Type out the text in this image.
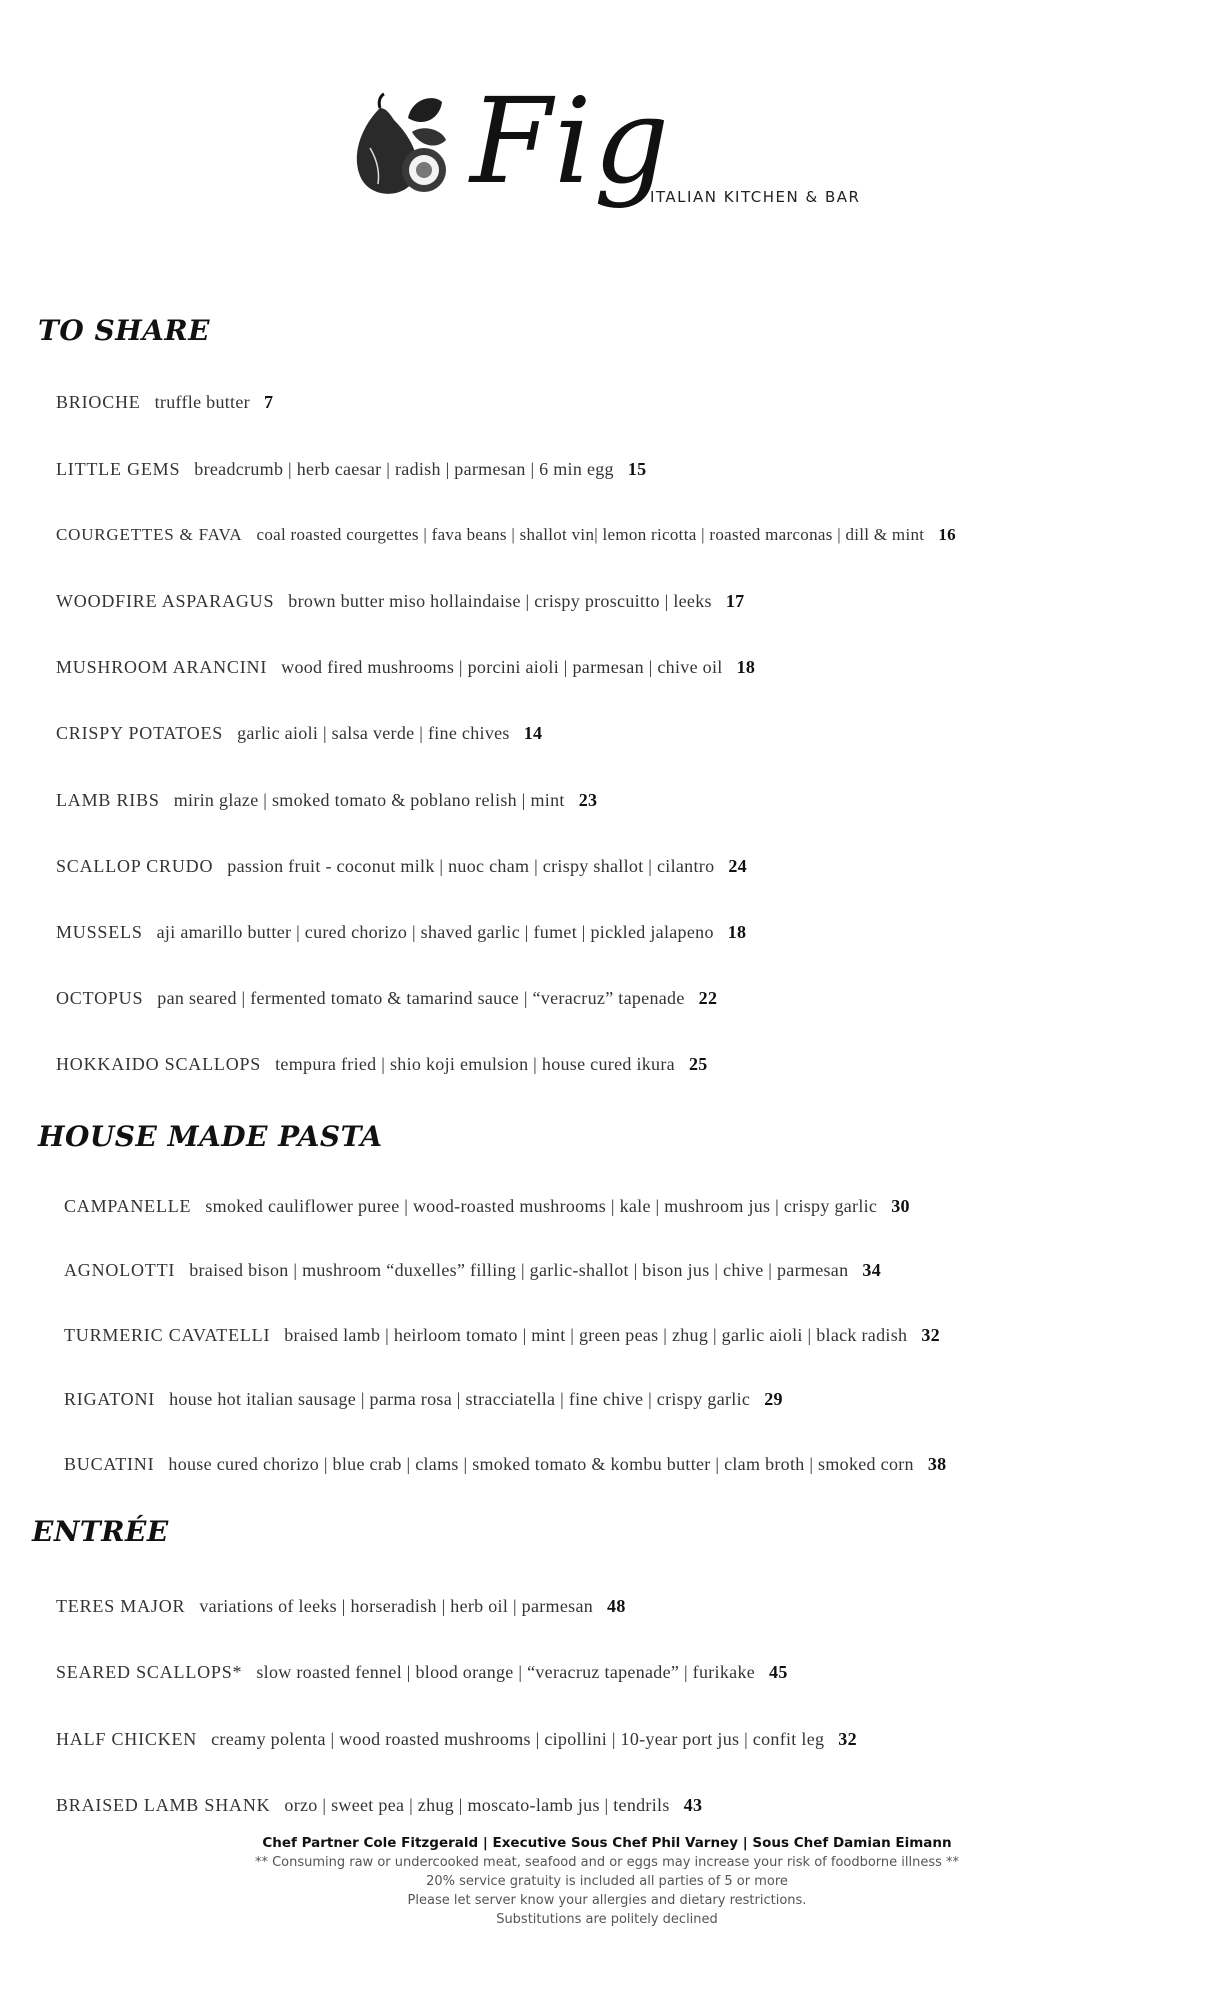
Fig
ITALIAN KITCHEN & BAR
TO SHARE
BRIOCHE truffle butter 7
LITTLE GEMS breadcrumb | herb caesar | radish | parmesan | 6 min egg 15
COURGETTES & FAVA coal roasted courgettes | fava beans | shallot vin| lemon ricotta | roasted marconas | dill & mint 16
WOODFIRE ASPARAGUS brown butter miso hollaindaise | crispy proscuitto | leeks 17
MUSHROOM ARANCINI wood fired mushrooms | porcini aioli | parmesan | chive oil 18
CRISPY POTATOES garlic aioli | salsa verde | fine chives 14
LAMB RIBS mirin glaze | smoked tomato & poblano relish | mint 23
SCALLOP CRUDO passion fruit - coconut milk | nuoc cham | crispy shallot | cilantro 24
MUSSELS aji amarillo butter | cured chorizo | shaved garlic | fumet | pickled jalapeno 18
OCTOPUS pan seared | fermented tomato & tamarind sauce | “veracruz” tapenade 22
HOKKAIDO SCALLOPS tempura fried | shio koji emulsion | house cured ikura 25
HOUSE MADE PASTA
CAMPANELLE smoked cauliflower puree | wood-roasted mushrooms | kale | mushroom jus | crispy garlic 30
AGNOLOTTI braised bison | mushroom “duxelles” filling | garlic-shallot | bison jus | chive | parmesan 34
TURMERIC CAVATELLI braised lamb | heirloom tomato | mint | green peas | zhug | garlic aioli | black radish 32
RIGATONI house hot italian sausage | parma rosa | stracciatella | fine chive | crispy garlic 29
BUCATINI house cured chorizo | blue crab | clams | smoked tomato & kombu butter | clam broth | smoked corn 38
ENTRÉE
TERES MAJOR variations of leeks | horseradish | herb oil | parmesan 48
SEARED SCALLOPS* slow roasted fennel | blood orange | “veracruz tapenade” | furikake 45
HALF CHICKEN creamy polenta | wood roasted mushrooms | cipollini | 10-year port jus | confit leg 32
BRAISED LAMB SHANK orzo | sweet pea | zhug | moscato-lamb jus | tendrils 43
Chef Partner Cole Fitzgerald | Executive Sous Chef Phil Varney | Sous Chef Damian Eimann
** Consuming raw or undercooked meat, seafood and or eggs may increase your risk of foodborne illness **
20% service gratuity is included all parties of 5 or more
Please let server know your allergies and dietary restrictions.
Substitutions are politely declined
